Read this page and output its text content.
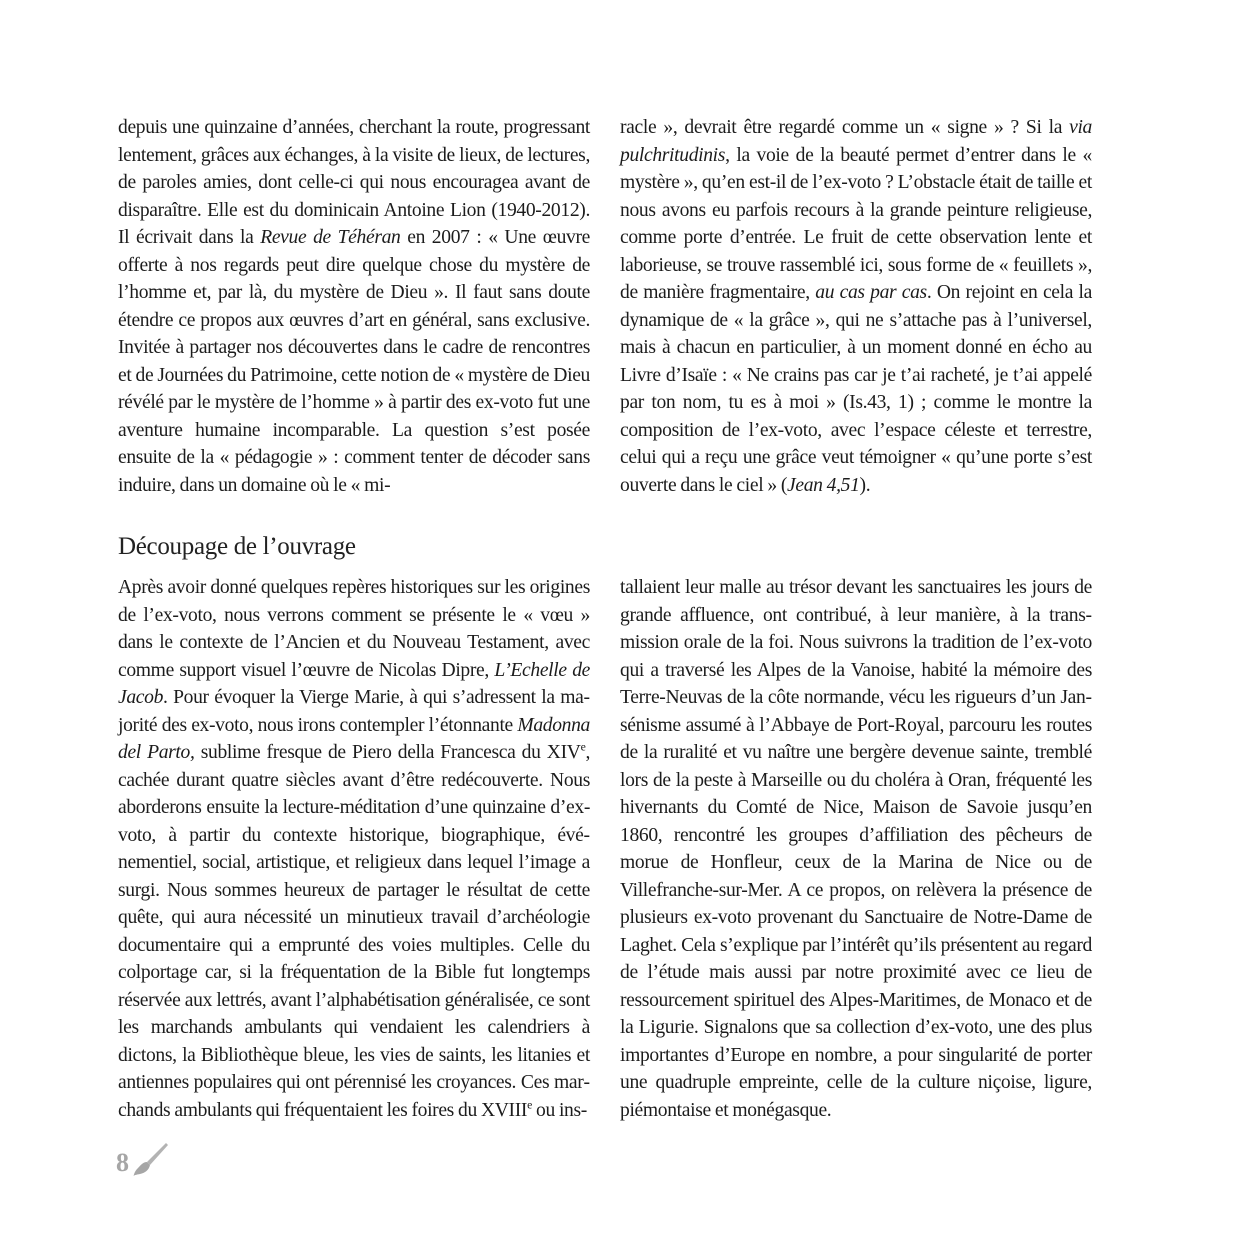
depuis une quinzaine d’années, cherchant la route, progressant lentement, grâces aux échanges, à la visite de lieux, de lectures, de paroles amies, dont celle-ci qui nous encouragea avant de disparaître. Elle est du dominicain Antoine Lion (1940-2012). Il écrivait dans la Revue de Téhéran en 2007 : « Une œuvre offerte à nos regards peut dire quelque chose du mystère de l’homme et, par là, du mystère de Dieu ». Il faut sans doute étendre ce propos aux œuvres d’art en général, sans exclusive. Invitée à partager nos découvertes dans le cadre de rencontres et de Journées du Patrimoine, cette notion de « mystère de Dieu révélé par le mystère de l’homme » à partir des ex-voto fut une aventure humaine incomparable. La question s’est posée ensuite de la « pédagogie » : comment tenter de décoder sans induire, dans un domaine où le « mi-

racle », devrait être regardé comme un « signe » ? Si la via pulchritudinis, la voie de la beauté permet d’entrer dans le « mystère », qu’en est-il de l’ex-voto ? L’obstacle était de taille et nous avons eu parfois recours à la grande peinture religieuse, comme porte d’entrée. Le fruit de cette observation lente et laborieuse, se trouve rassemblé ici, sous forme de « feuillets », de manière fragmentaire, au cas par cas. On rejoint en cela la dynamique de « la grâce », qui ne s’attache pas à l’universel, mais à chacun en particulier, à un moment donné en écho au Livre d’Isaïe : « Ne crains pas car je t’ai racheté, je t’ai appelé par ton nom, tu es à moi » (Is.43, 1) ; comme le montre la composition de l’ex-voto, avec l’espace céleste et terrestre, celui qui a reçu une grâce veut témoigner « qu’une porte s’est ouverte dans le ciel » (Jean 4,51).

Découpage de l’ouvrage

Après avoir donné quelques repères historiques sur les origines de l’ex-voto, nous verrons comment se présente le « vœu » dans le contexte de l’Ancien et du Nouveau Testament, avec comme support visuel l’œuvre de Nicolas Dipre, L’Echelle de Jacob. Pour évoquer la Vierge Marie, à qui s’adressent la majorité des ex-voto, nous irons contempler l’étonnante Madonna del Parto, sublime fresque de Piero della Francesca du XIVe, cachée durant quatre siècles avant d’être redécouverte. Nous aborderons ensuite la lecture-méditation d’une quinzaine d’ex-voto, à partir du contexte historique, biographique, événementiel, social, artistique, et religieux dans lequel l’image a surgi. Nous sommes heureux de partager le résultat de cette quête, qui aura nécessité un minutieux travail d’archéologie documentaire qui a emprunté des voies multiples. Celle du colportage car, si la fréquentation de la Bible fut longtemps réservée aux lettrés, avant l’alphabétisation généralisée, ce sont les marchands ambulants qui vendaient les calendriers à dictons, la Bibliothèque bleue, les vies de saints, les litanies et antiennes populaires qui ont pérennisé les croyances. Ces marchands ambulants qui fréquentaient les foires du XVIIIe ou ins-

tallaient leur malle au trésor devant les sanctuaires les jours de grande affluence, ont contribué, à leur manière, à la transmission orale de la foi. Nous suivrons la tradition de l’ex-voto qui a traversé les Alpes de la Vanoise, habité la mémoire des Terre-Neuvas de la côte normande, vécu les rigueurs d’un Jansénisme assumé à l’Abbaye de Port-Royal, parcouru les routes de la ruralité et vu naître une bergère devenue sainte, tremblé lors de la peste à Marseille ou du choléra à Oran, fréquenté les hivernants du Comté de Nice, Maison de Savoie jusqu’en 1860, rencontré les groupes d’affiliation des pêcheurs de morue de Honfleur, ceux de la Marina de Nice ou de Villefranche-sur-Mer. A ce propos, on relèvera la présence de plusieurs ex-voto provenant du Sanctuaire de Notre-Dame de Laghet. Cela s’explique par l’intérêt qu’ils présentent au regard de l’étude mais aussi par notre proximité avec ce lieu de ressourcement spirituel des Alpes-Maritimes, de Monaco et de la Ligurie. Signalons que sa collection d’ex-voto, une des plus importantes d’Europe en nombre, a pour singularité de porter une quadruple empreinte, celle de la culture niçoise, ligure, piémontaise et monégasque.

8
